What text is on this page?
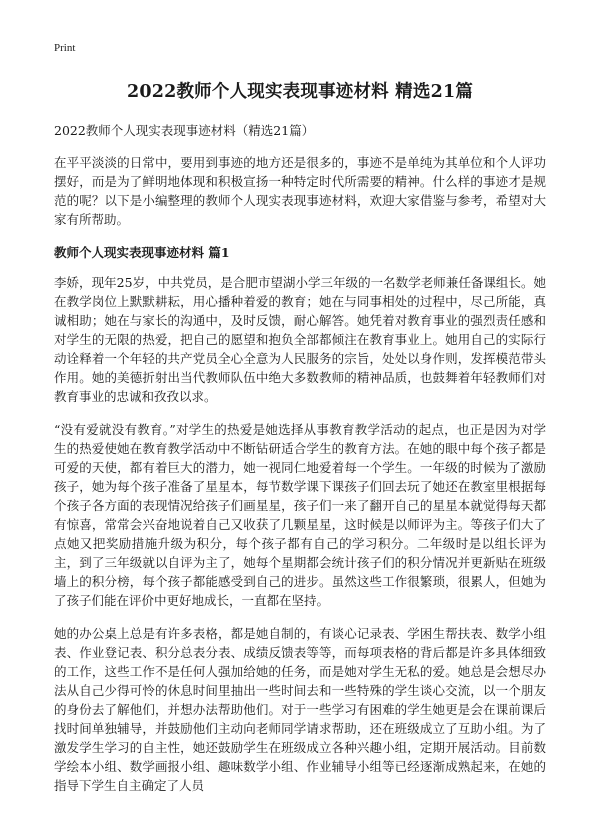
Print
2022教师个人现实表现事迹材料 精选21篇

2022教师个人现实表现事迹材料（精选21篇）

在平平淡淡的日常中，要用到事迹的地方还是很多的，事迹不是单纯为其单位和个人评功摆好，而是为了鲜明地体现和积极宣扬一种特定时代所需要的精神。什么样的事迹才是规范的呢？以下是小编整理的教师个人现实表现事迹材料，欢迎大家借鉴与参考，希望对大家有所帮助。

教师个人现实表现事迹材料 篇1

李娇，现年25岁，中共党员，是合肥市望湖小学三年级的一名数学老师兼任备课组长。她在教学岗位上默默耕耘，用心播种着爱的教育；她在与同事相处的过程中，尽己所能，真诚相助；她在与家长的沟通中，及时反馈，耐心解答。她凭着对教育事业的强烈责任感和对学生的无限的热爱，把自己的愿望和抱负全部都倾注在教育事业上。她用自己的实际行动诠释着一个年轻的共产党员全心全意为人民服务的宗旨，处处以身作则，发挥模范带头作用。她的美德折射出当代教师队伍中绝大多数教师的精神品质，也鼓舞着年轻教师们对教育事业的忠诚和孜孜以求。

“没有爱就没有教育。”对学生的热爱是她选择从事教育教学活动的起点，也正是因为对学生的热爱使她在教育教学活动中不断钻研适合学生的教育方法。在她的眼中每个孩子都是可爱的天使，都有着巨大的潜力，她一视同仁地爱着每一个学生。一年级的时候为了激励孩子，她为每个孩子准备了星星本，每节数学课下课孩子们回去玩了她还在教室里根据每个孩子各方面的表现情况给孩子们画星星，孩子们一来了翻开自己的星星本就觉得每天都有惊喜，常常会兴奋地说着自己又收获了几颗星星，这时候是以师评为主。等孩子们大了点她又把奖励措施升级为积分，每个孩子都有自己的学习积分。二年级时是以组长评为主，到了三年级就以自评为主了，她每个星期都会统计孩子们的积分情况并更新贴在班级墙上的积分榜，每个孩子都能感受到自己的进步。虽然这些工作很繁琐，很累人，但她为了孩子们能在评价中更好地成长，一直都在坚持。

她的办公桌上总是有许多表格，都是她自制的，有谈心记录表、学困生帮扶表、数学小组表、作业登记表、积分总表分表、成绩反馈表等等，而每项表格的背后都是许多具体细致的工作，这些工作不是任何人强加给她的任务，而是她对学生无私的爱。她总是会想尽办法从自己少得可怜的休息时间里抽出一些时间去和一些特殊的学生谈心交流，以一个朋友的身份去了解他们，并想办法帮助他们。对于一些学习有困难的学生她更是会在课前课后找时间单独辅导，并鼓励他们主动向老师同学请求帮助，还在班级成立了互助小组。为了激发学生学习的自主性，她还鼓励学生在班级成立各种兴趣小组，定期开展活动。目前数学绘本小组、数学画报小组、趣味数学小组、作业辅导小组等已经逐渐成熟起来，在她的指导下学生自主确定了人员
